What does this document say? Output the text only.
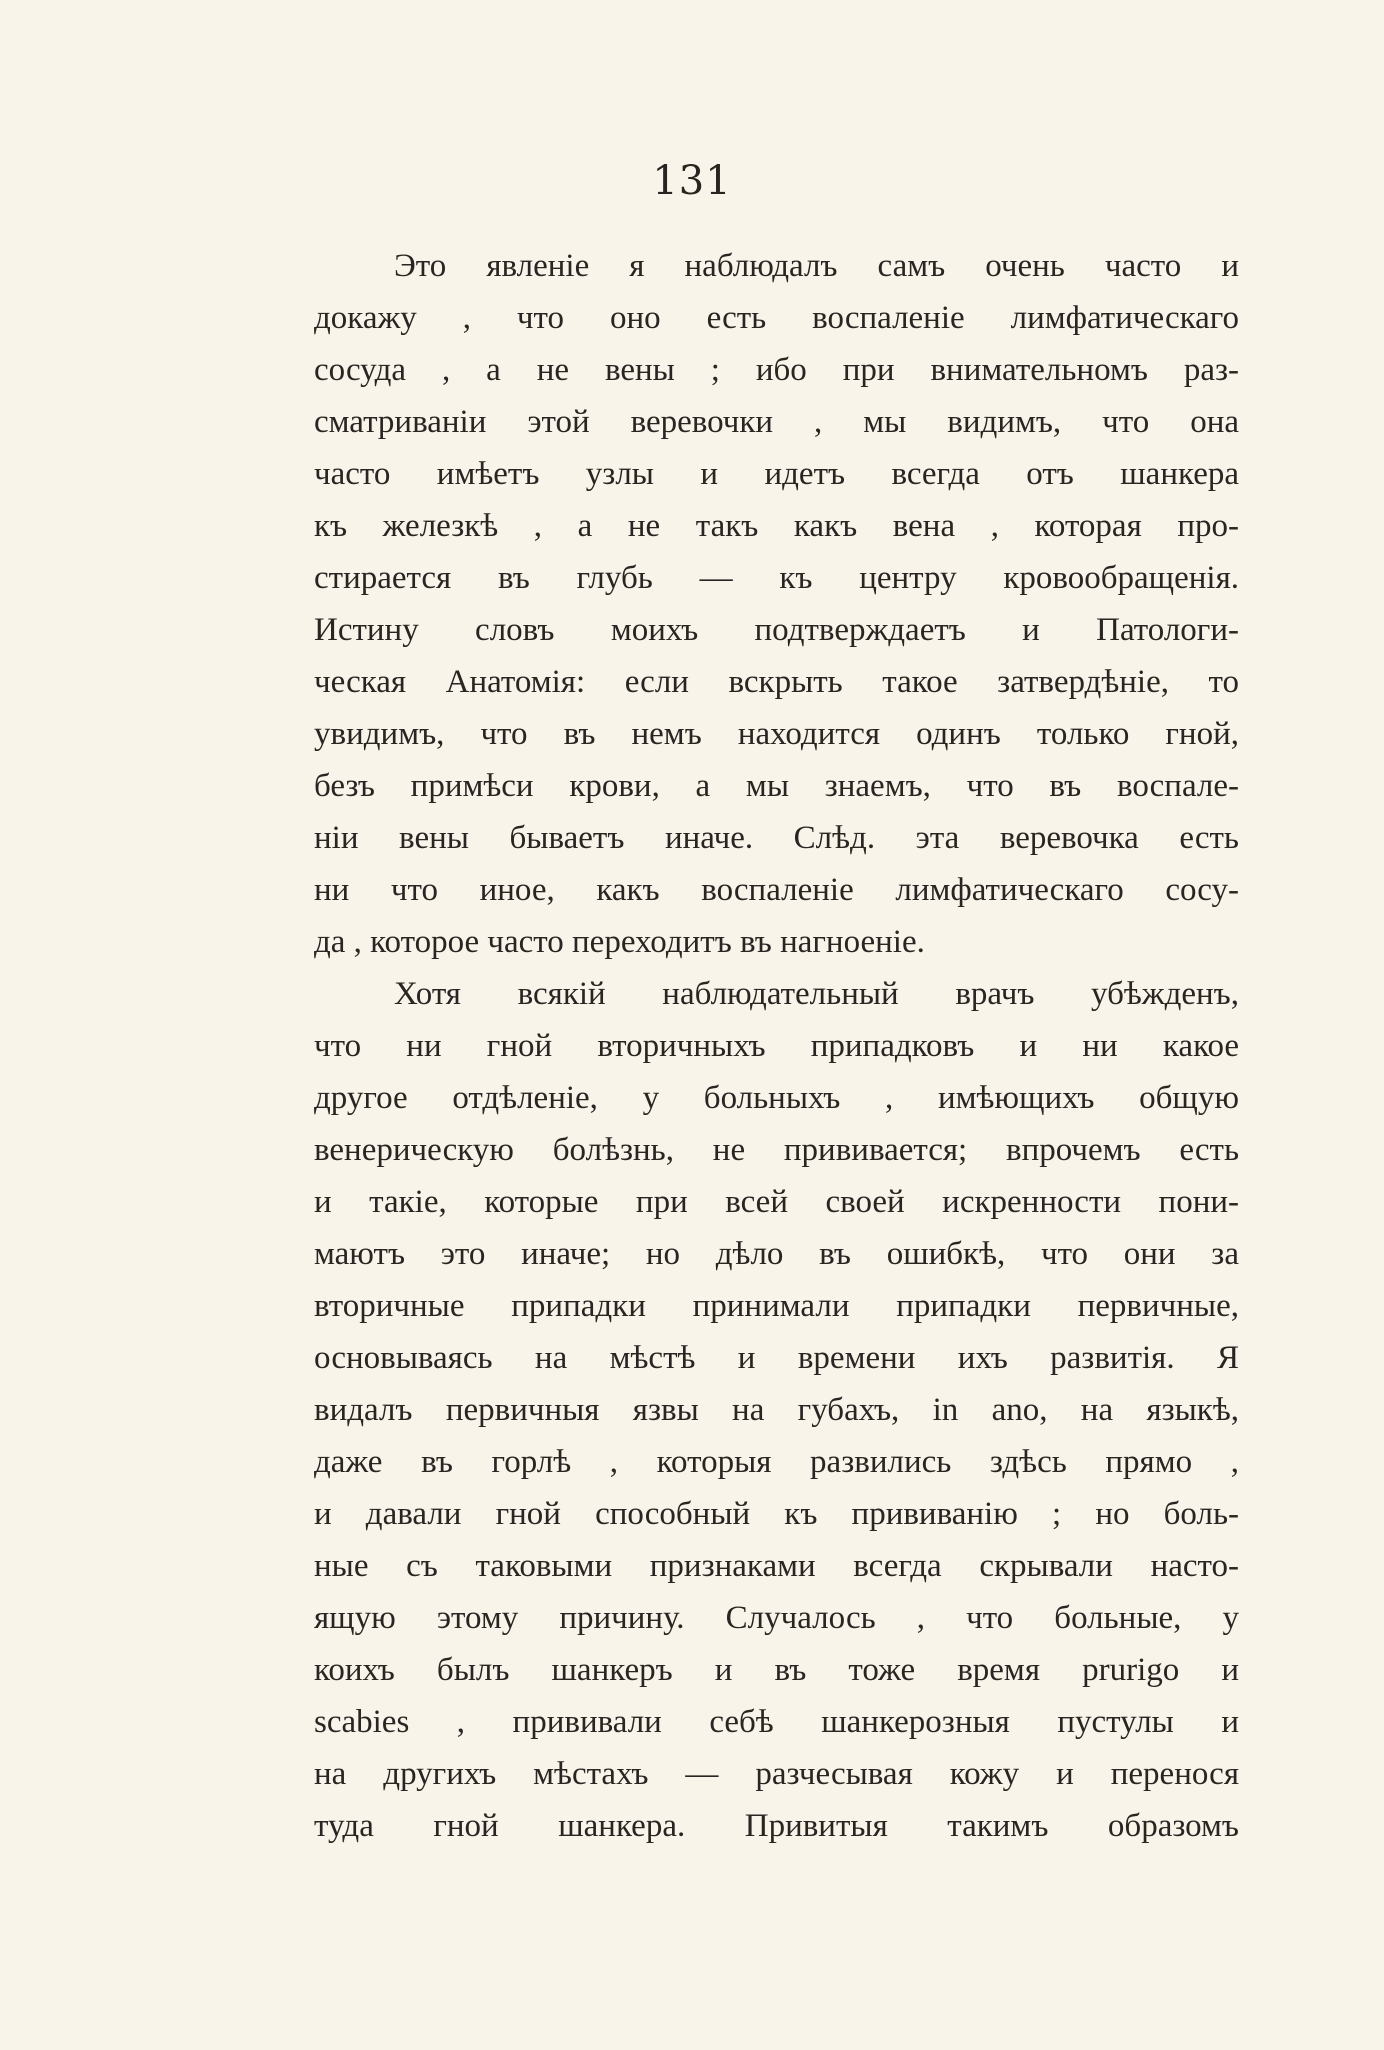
131
Это явленіе я наблюдалъ самъ очень часто и
докажу , что оно есть воспаленіе лимфатическаго
сосуда , а не вены ; ибо при внимательномъ раз-
сматриваніи этой веревочки , мы видимъ, что она
часто имѣетъ узлы и идетъ всегда отъ шанкера
къ железкѣ , а не такъ какъ вена , которая про-
стирается въ глубь — къ центру кровообращенія.
Истину словъ моихъ подтверждаетъ и Патологи-
ческая Анатомія: если вскрыть такое затвердѣніе, то
увидимъ, что въ немъ находится одинъ только гной,
безъ примѣси крови, а мы знаемъ, что въ воспале-
ніи вены бываетъ иначе. Слѣд. эта веревочка есть
ни что иное, какъ воспаленіе лимфатическаго сосу-
да , которое часто переходитъ въ нагноеніе.
Хотя всякій наблюдательный врачъ убѣжденъ,
что ни гной вторичныхъ припадковъ и ни какое
другое отдѣленіе, у больныхъ , имѣющихъ общую
венерическую болѣзнь, не прививается; впрочемъ есть
и такіе, которые при всей своей искренности пони-
маютъ это иначе; но дѣло въ ошибкѣ, что они за
вторичные припадки принимали припадки первичные,
основываясь на мѣстѣ и времени ихъ развитія. Я
видалъ первичныя язвы на губахъ, in ano, на языкѣ,
даже въ горлѣ , которыя развились здѣсь прямо ,
и давали гной способный къ прививанію ; но боль-
ные съ таковыми признаками всегда скрывали насто-
ящую этому причину. Случалось , что больные, у
коихъ былъ шанкеръ и въ тоже время prurigo и
scabies , прививали себѣ шанкерозныя пустулы и
на другихъ мѣстахъ — разчесывая кожу и перенося
туда гной шанкера. Привитыя такимъ образомъ
